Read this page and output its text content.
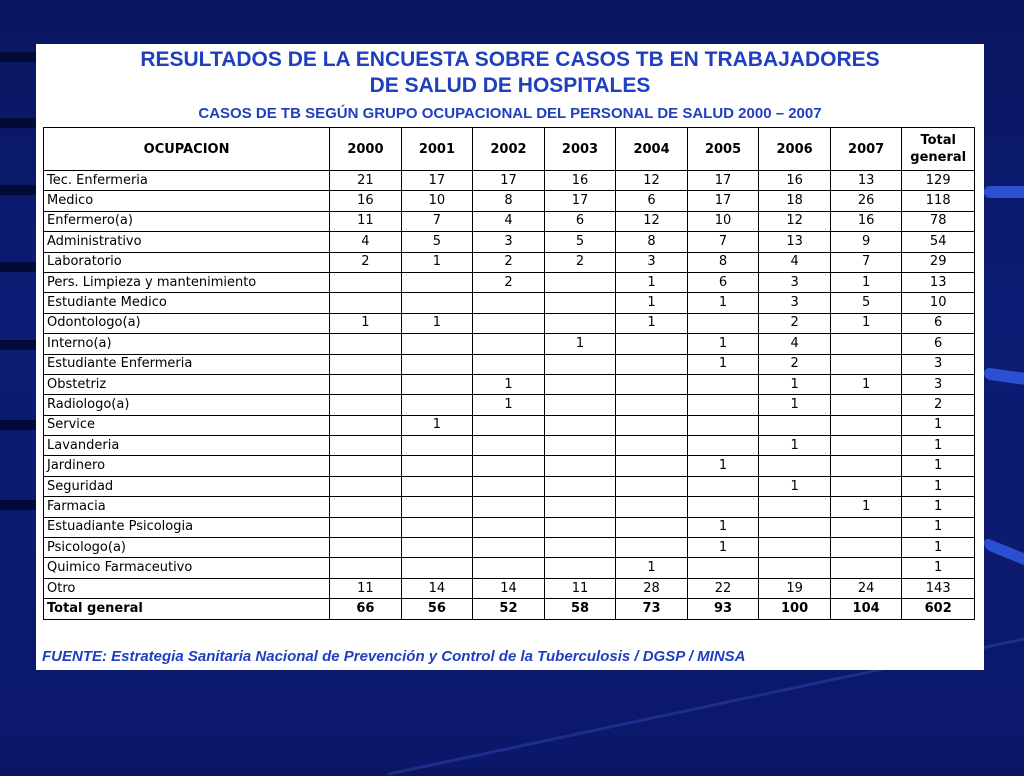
RESULTADOS DE LA ENCUESTA SOBRE CASOS TB EN TRABAJADORES
DE SALUD DE HOSPITALES
CASOS DE TB SEGÚN GRUPO OCUPACIONAL DEL PERSONAL DE SALUD 2000 – 2007
OCUPACION	2000	2001	2002	2003	2004	2005	2006	2007	Total general
Tec. Enfermeria	21	17	17	16	12	17	16	13	129
Medico	16	10	8	17	6	17	18	26	118
Enfermero(a)	11	7	4	6	12	10	12	16	78
Administrativo	4	5	3	5	8	7	13	9	54
Laboratorio	2	1	2	2	3	8	4	7	29
Pers. Limpieza y mantenimiento			2		1	6	3	1	13
Estudiante Medico					1	1	3	5	10
Odontologo(a)	1	1			1		2	1	6
Interno(a)				1		1	4		6
Estudiante Enfermeria						1	2		3
Obstetriz			1				1	1	3
Radiologo(a)			1				1		2
Service		1							1
Lavanderia							1		1
Jardinero						1			1
Seguridad							1		1
Farmacia								1	1
Estuadiante Psicologia						1			1
Psicologo(a)						1			1
Quimico Farmaceutivo					1				1
Otro	11	14	14	11	28	22	19	24	143
Total general	66	56	52	58	73	93	100	104	602
FUENTE: Estrategia Sanitaria Nacional de Prevención y Control de la Tuberculosis / DGSP / MINSA
